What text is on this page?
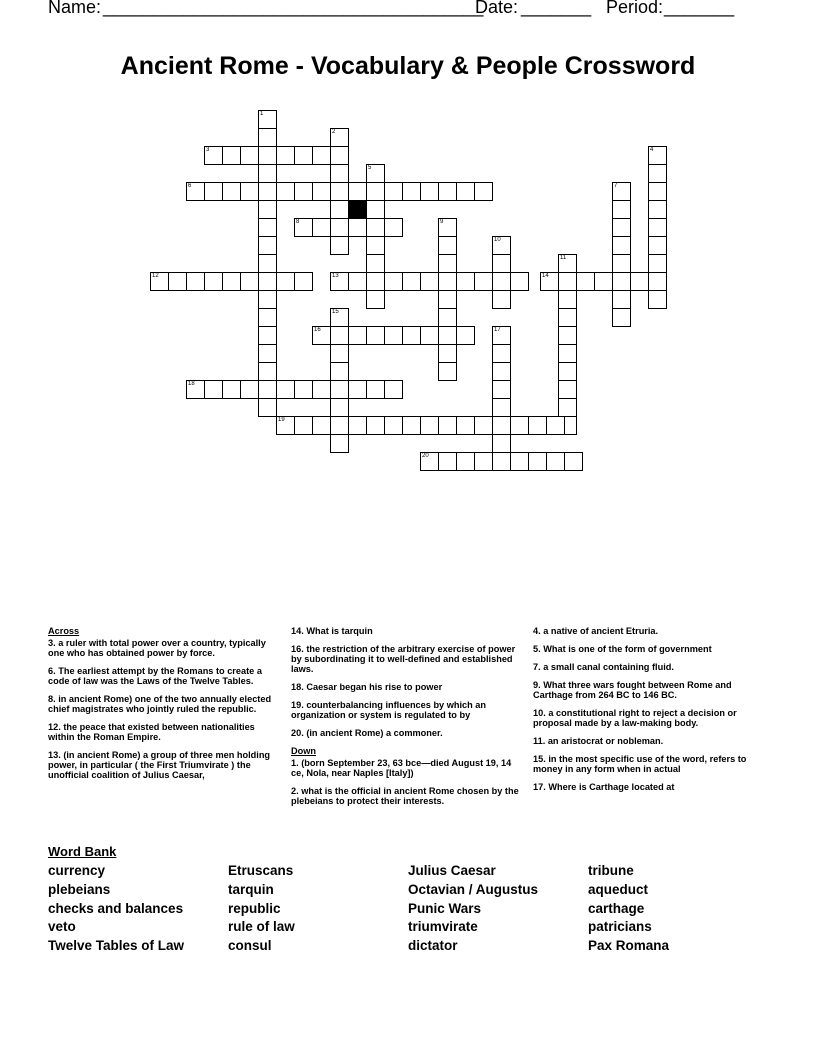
Name: ______________________________________
Date: _______ Period: _______
Ancient Rome - Vocabulary & People Crossword
1
2
3	4
5
6	7
8	9
10
11
12	13	14
15
16	17
18
19
20
Across
3. a ruler with total power over a country, typically one who has obtained power by force.
6. The earliest attempt by the Romans to create a code of law was the Laws of the Twelve Tables.
8. in ancient Rome) one of the two annually elected chief magistrates who jointly ruled the republic.
12. the peace that existed between nationalities within the Roman Empire.
13. (in ancient Rome) a group of three men holding power, in particular ( the First Triumvirate ) the unofficial coalition of Julius Caesar,
14. What is tarquin
16. the restriction of the arbitrary exercise of power by subordinating it to well-defined and established laws.
18. Caesar began his rise to power
19. counterbalancing influences by which an organization or system is regulated to by
20. (in ancient Rome) a commoner.
Down
1. (born September 23, 63 bce—died August 19, 14 ce, Nola, near Naples [Italy])
2. what is the official in ancient Rome chosen by the plebeians to protect their interests.
4. a native of ancient Etruria.
5. What is one of the form of government
7. a small canal containing fluid.
9. What three wars fought between Rome and Carthage from 264 BC to 146 BC.
10. a constitutional right to reject a decision or proposal made by a law-making body.
11. an aristocrat or nobleman.
15. in the most specific use of the word, refers to money in any form when in actual
17. Where is Carthage located at
Word Bank
currency
plebeians
checks and balances
veto
Twelve Tables of Law
Etruscans
tarquin
republic
rule of law
consul
Julius Caesar
Octavian / Augustus
Punic Wars
triumvirate
dictator
tribune
aqueduct
carthage
patricians
Pax Romana
